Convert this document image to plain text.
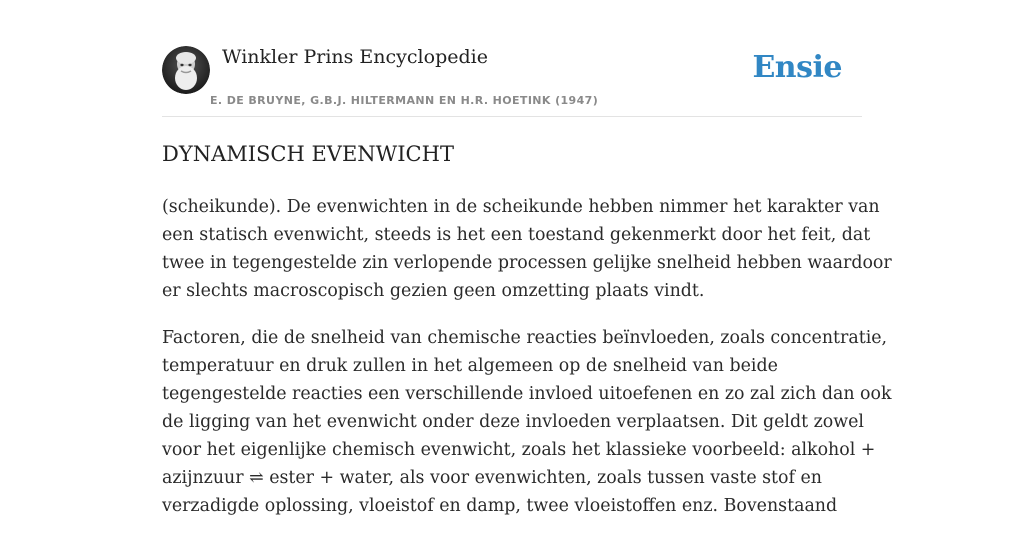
Winkler Prins Encyclopedie
E. DE BRUYNE, G.B.J. HILTERMANN EN H.R. HOETINK (1947)
Ensie
DYNAMISCH EVENWICHT

(scheikunde). De evenwichten in de scheikunde hebben nimmer het karakter van
een statisch evenwicht, steeds is het een toestand gekenmerkt door het feit, dat
twee in tegengestelde zin verlopende processen gelijke snelheid hebben waardoor
er slechts macroscopisch gezien geen omzetting plaats vindt.

Factoren, die de snelheid van chemische reacties beïnvloeden, zoals concentratie,
temperatuur en druk zullen in het algemeen op de snelheid van beide
tegengestelde reacties een verschillende invloed uitoefenen en zo zal zich dan ook
de ligging van het evenwicht onder deze invloeden verplaatsen. Dit geldt zowel
voor het eigenlijke chemisch evenwicht, zoals het klassieke voorbeeld: alkohol +
azijnzuur ⇌ ester + water, als voor evenwichten, zoals tussen vaste stof en
verzadigde oplossing, vloeistof en damp, twee vloeistoffen enz. Bovenstaand
